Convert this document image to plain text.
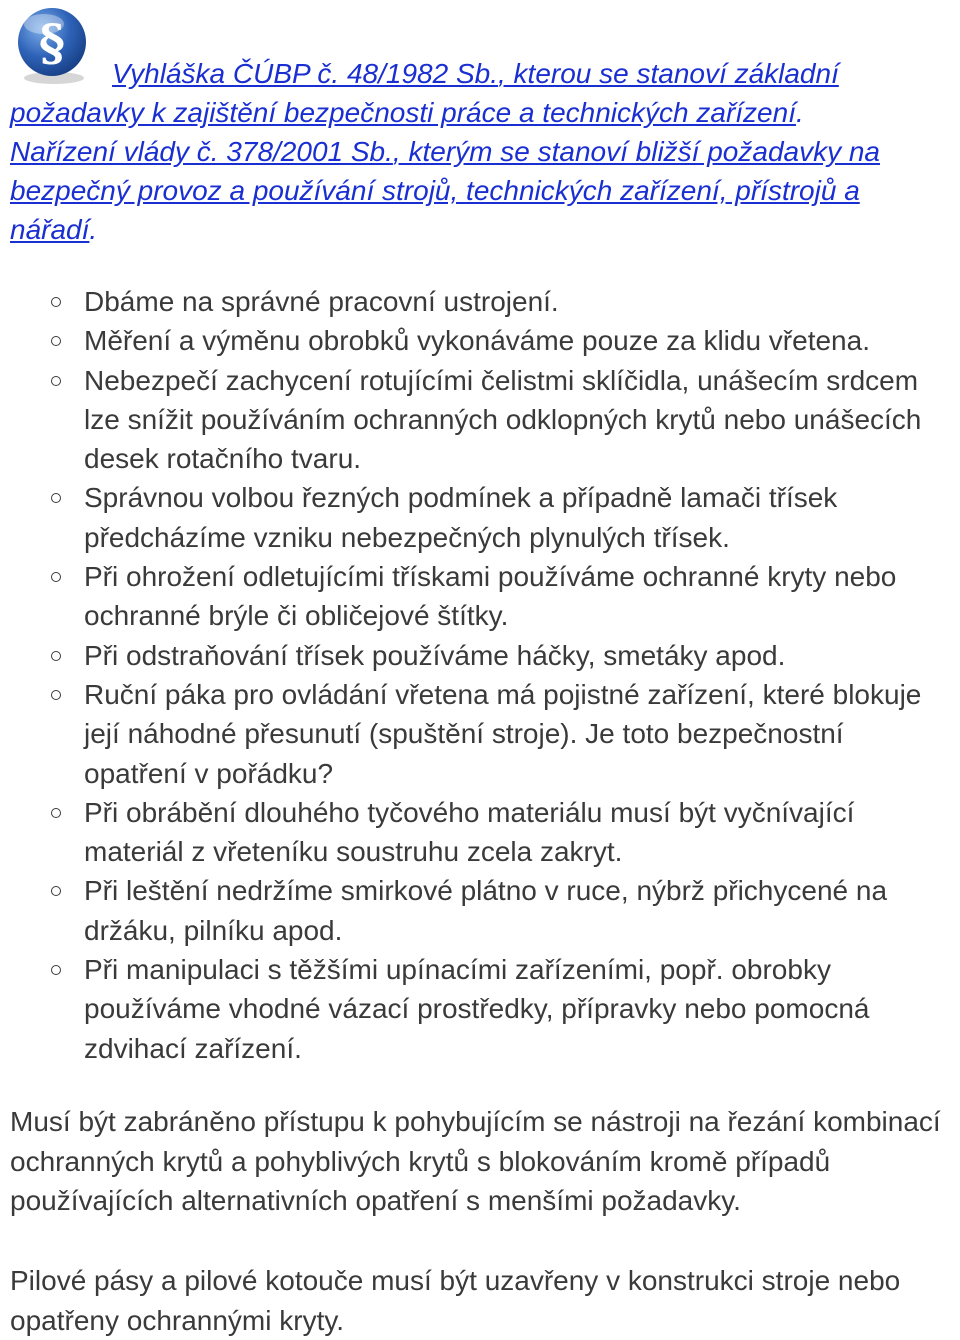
§
Vyhláška ČÚBP č. 48/1982 Sb., kterou se stanoví základní požadavky k zajištění bezpečnosti práce a technických zařízení.
Nařízení vlády č. 378/2001 Sb., kterým se stanoví bližší požadavky na bezpečný provoz a používání strojů, technických zařízení, přístrojů a nářadí.
Dbáme na správné pracovní ustrojení.
Měření a výměnu obrobků vykonáváme pouze za klidu vřetena.
Nebezpečí zachycení rotujícími čelistmi sklíčidla, unášecím srdcem lze snížit používáním ochranných odklopných krytů nebo unášecích desek rotačního tvaru.
Správnou volbou řezných podmínek a případně lamači třísek předcházíme vzniku nebezpečných plynulých třísek.
Při ohrožení odletujícími třískami používáme ochranné kryty nebo ochranné brýle či obličejové štítky.
Při odstraňování třísek používáme háčky, smetáky apod.
Ruční páka pro ovládání vřetena má pojistné zařízení, které blokuje její náhodné přesunutí (spuštění stroje). Je toto bezpečnostní opatření v pořádku?
Při obrábění dlouhého tyčového materiálu musí být vyčnívající materiál z vřeteníku soustruhu zcela zakryt.
Při leštění nedržíme smirkové plátno v ruce, nýbrž přichycené na držáku, pilníku apod.
Při manipulaci s těžšími upínacími zařízeními, popř. obrobky používáme vhodné vázací prostředky, přípravky nebo pomocná zdvihací zařízení.

Musí být zabráněno přístupu k pohybujícím se nástroji na řezání kombinací ochranných krytů a pohyblivých krytů s blokováním kromě případů používajících alternativních opatření s menšími požadavky.

Pilové pásy a pilové kotouče musí být uzavřeny v konstrukci stroje nebo opatřeny ochrannými kryty.
